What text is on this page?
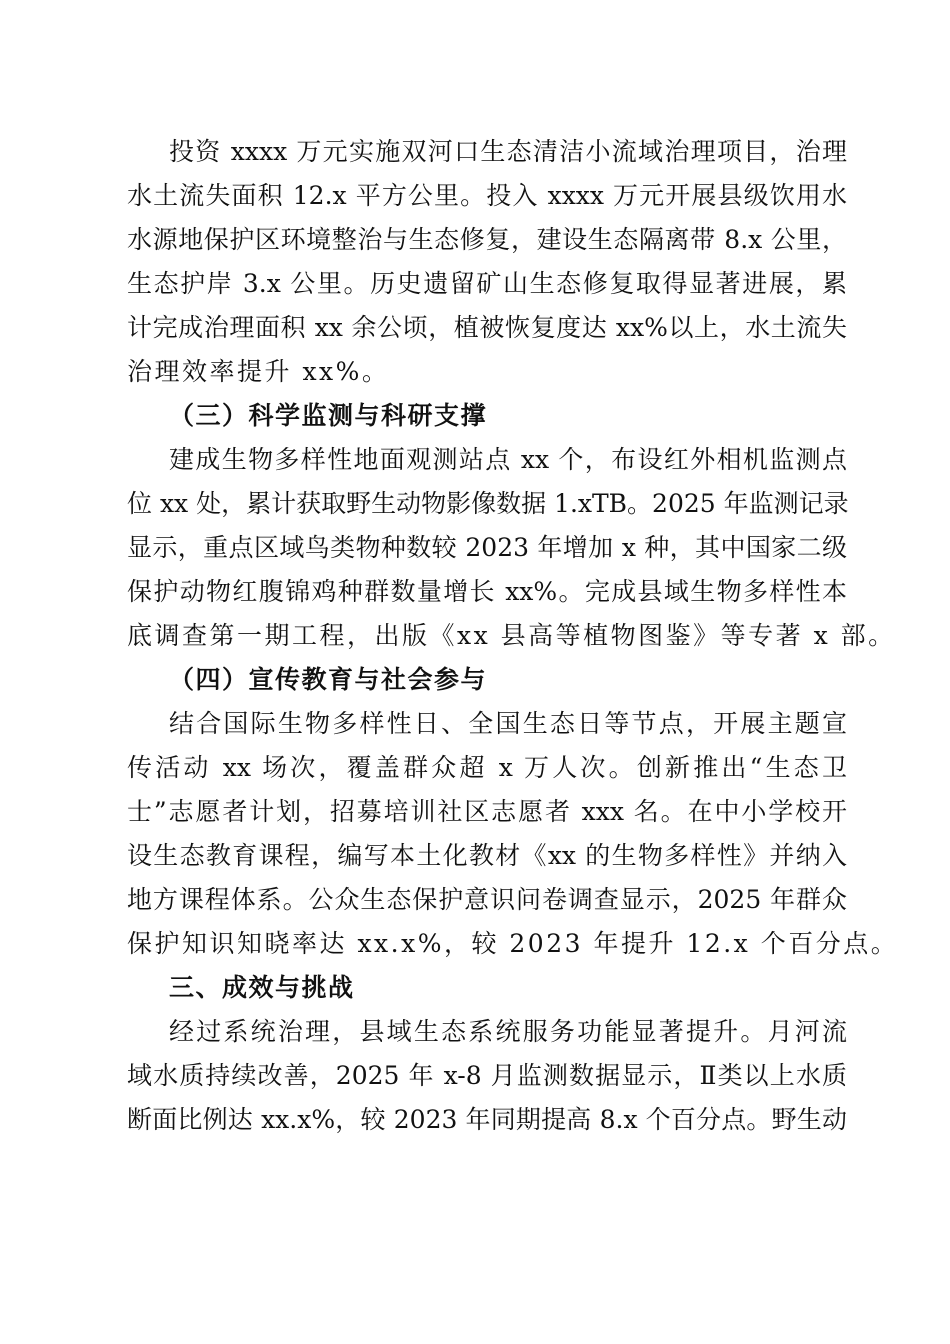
投资 xxxx 万元实施双河口生态清洁小流域治理项目，治理
水土流失面积 12.x 平方公里。投入 xxxx 万元开展县级饮用水
水源地保护区环境整治与生态修复，建设生态隔离带 8.x 公里，
生态护岸 3.x 公里。历史遗留矿山生态修复取得显著进展，累
计完成治理面积 xx 余公顷，植被恢复度达 xx%以上，水土流失
治理效率提升 xx%。
（三）科学监测与科研支撑
建成生物多样性地面观测站点 xx 个，布设红外相机监测点
位 xx 处，累计获取野生动物影像数据 1.xTB。2025 年监测记录
显示，重点区域鸟类物种数较 2023 年增加 x 种，其中国家二级
保护动物红腹锦鸡种群数量增长 xx%。完成县域生物多样性本
底调查第一期工程，出版《xx 县高等植物图鉴》等专著 x 部。
（四）宣传教育与社会参与
结合国际生物多样性日、全国生态日等节点，开展主题宣
传活动 xx 场次，覆盖群众超 x 万人次。创新推出“生态卫
士”志愿者计划，招募培训社区志愿者 xxx 名。在中小学校开
设生态教育课程，编写本土化教材《xx 的生物多样性》并纳入
地方课程体系。公众生态保护意识问卷调查显示，2025 年群众
保护知识知晓率达 xx.x%，较 2023 年提升 12.x 个百分点。
三、成效与挑战
经过系统治理，县域生态系统服务功能显著提升。月河流
域水质持续改善，2025 年 x-8 月监测数据显示，Ⅱ类以上水质
断面比例达 xx.x%，较 2023 年同期提高 8.x 个百分点。野生动
